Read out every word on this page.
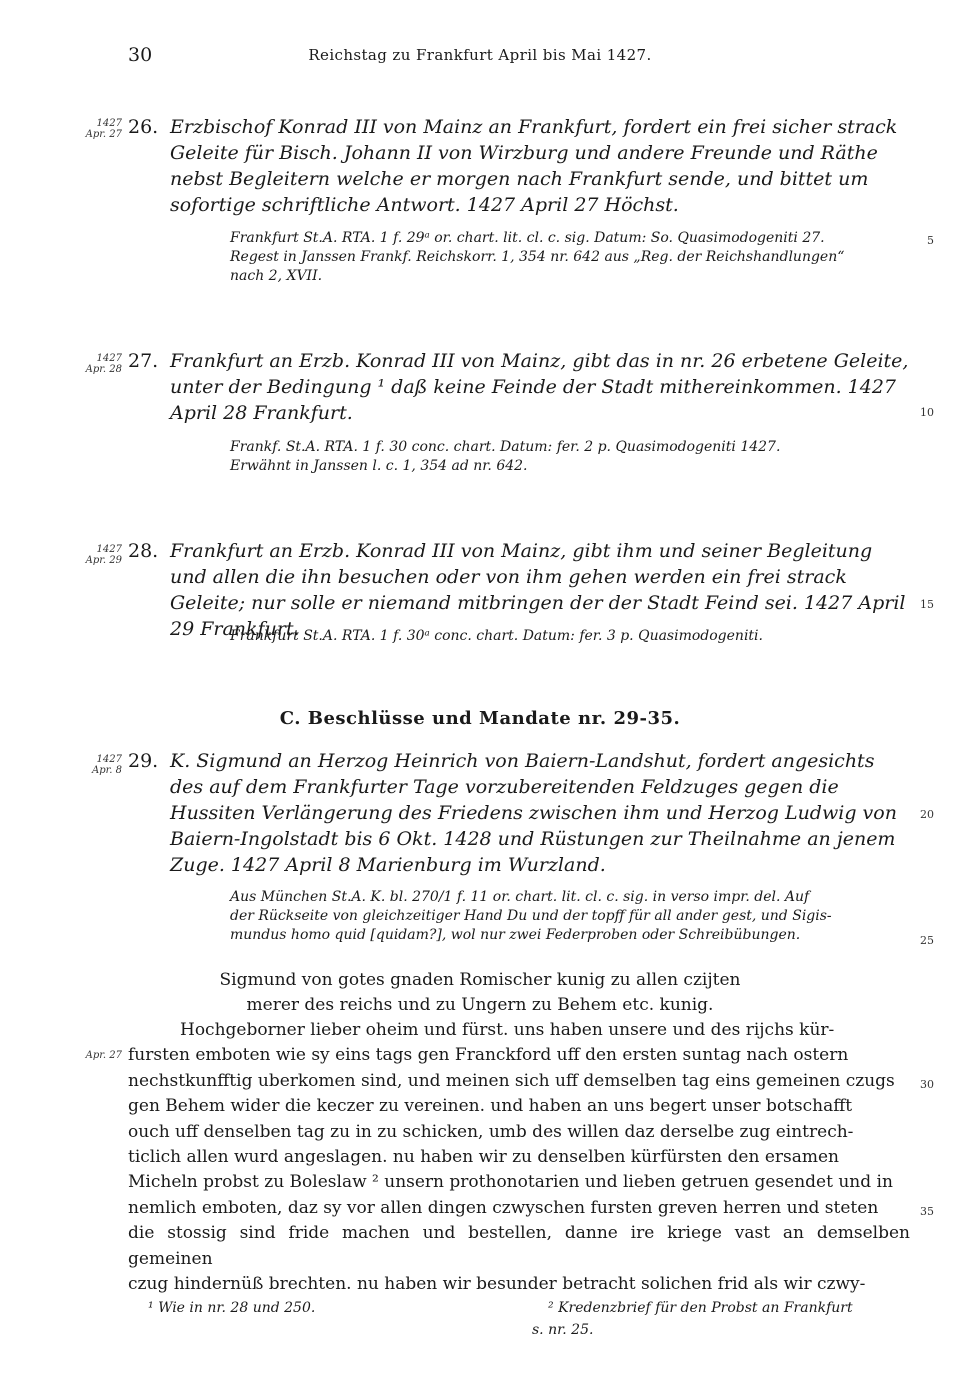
30	Reichstag zu Frankfurt April bis Mai 1427.
1427
Apr. 27 26. Erzbischof Konrad III von Mainz an Frankfurt, fordert ein frei sicher strack Geleite für Bisch. Johann II von Wirzburg und andere Freunde und Räthe nebst Begleitern welche er morgen nach Frankfurt sende, und bittet um sofortige schriftliche Antwort. 1427 April 27 Höchst.

Frankfurt St.A. RTA. 1 f. 29ᵃ or. chart. lit. cl. c. sig. Datum: So. Quasimodogeniti 27.
Regest in Janssen Frankf. Reichskorr. 1, 354 nr. 642 aus „Reg. der Reichshandlungen“
nach 2, XVII.
5
1427
Apr. 28 27. Frankfurt an Erzb. Konrad III von Mainz, gibt das in nr. 26 erbetene Geleite, unter der Bedingung ¹ daß keine Feinde der Stadt mithereinkommen. 1427 April 28 Frankfurt.	10
Frankf. St.A. RTA. 1 f. 30 conc. chart. Datum: fer. 2 p. Quasimodogeniti 1427.
Erwähnt in Janssen l. c. 1, 354 ad nr. 642.
1427
Apr. 29 28. Frankfurt an Erzb. Konrad III von Mainz, gibt ihm und seiner Begleitung und allen die ihn besuchen oder von ihm gehen werden ein frei strack Geleite; nur solle er niemand mitbringen der der Stadt Feind sei. 1427 April 29 Frankfurt.

15
Frankfurt St.A. RTA. 1 f. 30ᵃ conc. chart. Datum: fer. 3 p. Quasimodogeniti.
C. Beschlüsse und Mandate nr. 29-35.
1427
Apr. 8 29. K. Sigmund an Herzog Heinrich von Baiern-Landshut, fordert angesichts des auf dem Frankfurter Tage vorzubereitenden Feldzuges gegen die Hussiten Verlängerung des Friedens zwischen ihm und Herzog Ludwig von Baiern-Ingolstadt bis 6 Okt. 1428 und Rüstungen zur Theilnahme an jenem Zuge. 1427 April 8 Marienburg im Wurzland.

20
Aus München St.A. K. bl. 270/1 f. 11 or. chart. lit. cl. c. sig. in verso impr. del. Auf
der Rückseite von gleichzeitiger Hand Du und der topff für all ander gest, und Sigis-
mundus homo quid [quidam?], wol nur zwei Federproben oder Schreibübungen.	25

Sigmund von gotes gnaden Romischer kunig zu allen czijten

merer des reichs und zu Ungern zu Behem etc. kunig.

Apr. 27
Hochgeborner lieber oheim und fürst. uns haben unsere und des rijchs kür-
fursten emboten wie sy eins tags gen Franckford uff den ersten suntag nach ostern
nechstkunfftig uberkomen sind, und meinen sich uff demselben tag eins gemeinen czugs
gen Behem wider die keczer zu vereinen. und haben an uns begert unser botschafft
ouch uff denselben tag zu in zu schicken, umb des willen daz derselbe zug eintrech-
ticlich allen wurd angeslagen. nu haben wir zu denselben kürfürsten den ersamen
Micheln probst zu Boleslaw ² unsern prothonotarien und lieben getruen gesendet und in
nemlich emboten, daz sy vor allen dingen czwyschen fursten greven herren und steten
die stossig sind fride machen und bestellen, danne ire kriege vast an demselben gemeinen
czug hindernüß brechten. nu haben wir besunder betracht solichen frid als wir czwy-
30
35
¹ Wie in nr. 28 und 250.	² Kredenzbrief für den Probst an Frankfurt
s. nr. 25.
